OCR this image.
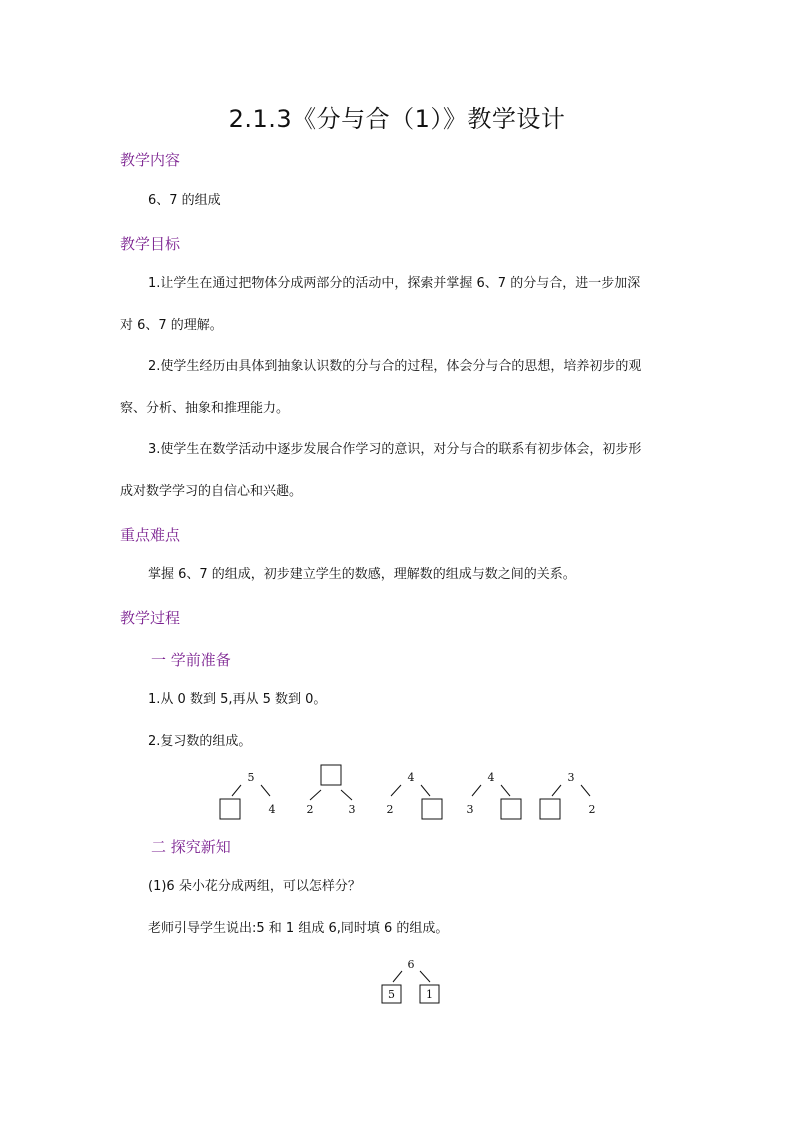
2.1.3《分与合（1）》教学设计
教学内容
6、7 的组成
教学目标
1.让学生在通过把物体分成两部分的活动中，探索并掌握 6、7 的分与合，进一步加深
对 6、7 的理解。
2.使学生经历由具体到抽象认识数的分与合的过程，体会分与合的思想，培养初步的观
察、分析、抽象和推理能力。
3.使学生在数学活动中逐步发展合作学习的意识，对分与合的联系有初步体会，初步形
成对数学学习的自信心和兴趣。
重点难点
掌握 6、7 的组成，初步建立学生的数感，理解数的组成与数之间的关系。
教学过程
一 学前准备
1.从 0 数到 5,再从 5 数到 0。
2.复习数的组成。
5
4	2	3
4
2
4
3
3
2
二 探究新知
(1)6 朵小花分成两组，可以怎样分？
老师引导学生说出:5 和 1 组成 6,同时填 6 的组成。
6
5	1
